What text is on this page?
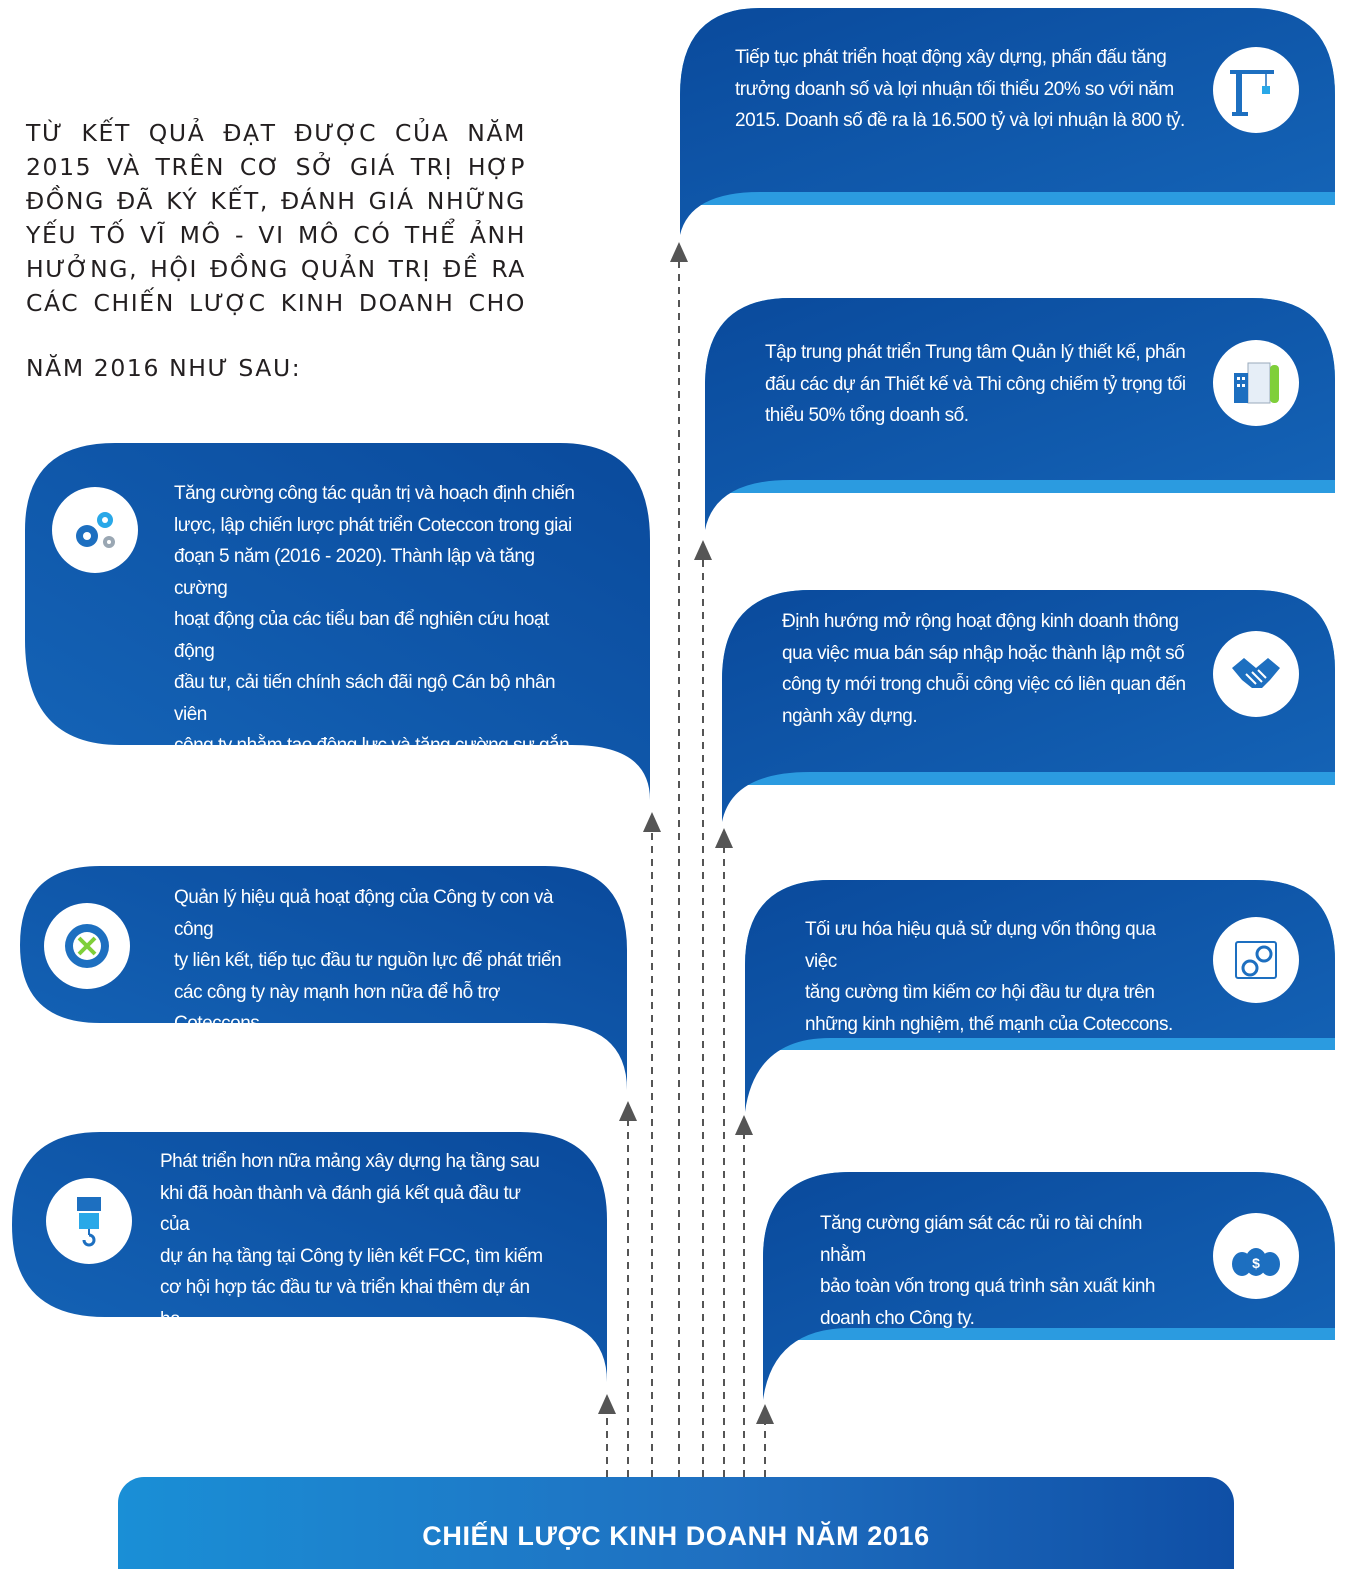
TỪ KẾT QUẢ ĐẠT ĐƯỢC CỦA NĂM
2015 VÀ TRÊN CƠ SỞ GIÁ TRỊ HỢP
ĐỒNG ĐÃ KÝ KẾT, ĐÁNH GIÁ NHỮNG
YẾU TỐ VĨ MÔ - VI MÔ CÓ THỂ ẢNH
HƯỞNG, HỘI ĐỒNG QUẢN TRỊ ĐỀ RA
CÁC CHIẾN LƯỢC KINH DOANH CHO

NĂM 2016 NHƯ SAU:

Tiếp tục phát triển hoạt động xây dựng, phấn đấu tăng
trưởng doanh số và lợi nhuận tối thiểu 20% so với năm
2015. Doanh số đề ra là 16.500 tỷ và lợi nhuận là 800 tỷ.

Tập trung phát triển Trung tâm Quản lý thiết kế, phấn
đấu các dự án Thiết kế và Thi công chiếm tỷ trọng tối
thiểu 50% tổng doanh số.

Tăng cường công tác quản trị và hoạch định chiến
lược, lập chiến lược phát triển Coteccon trong giai
đoạn 5 năm (2016 - 2020). Thành lập và tăng cường
hoạt động của các tiểu ban để nghiên cứu hoạt động
đầu tư, cải tiến chính sách đãi ngộ Cán bộ nhân viên
công ty nhằm tạo động lực và tăng cường sự gắn kết
của Cán bộ nhân viên với sự phát triển của Công ty.

Định hướng mở rộng hoạt động kinh doanh thông
qua việc mua bán sáp nhập hoặc thành lập một số
công ty mới trong chuỗi công việc có liên quan đến
ngành xây dựng.

Quản lý hiệu quả hoạt động của Công ty con và công
ty liên kết, tiếp tục đầu tư nguồn lực để phát triển
các công ty này mạnh hơn nữa để hỗ trợ Coteccons
trong các dự án quy mô lớn trong tương lai.

Tối ưu hóa hiệu quả sử dụng vốn thông qua việc
tăng cường tìm kiếm cơ hội đầu tư dựa trên
những kinh nghiệm, thế mạnh của Coteccons.

Phát triển hơn nữa mảng xây dựng hạ tầng sau
khi đã hoàn thành và đánh giá kết quả đầu tư của
dự án hạ tầng tại Công ty liên kết FCC, tìm kiếm
cơ hội hợp tác đầu tư và triển khai thêm dự án hạ
tầng trong năm 2016.

Tăng cường giám sát các rủi ro tài chính nhằm
bảo toàn vốn trong quá trình sản xuất kinh
doanh cho Công ty.

$
CHIẾN LƯỢC KINH DOANH NĂM 2016
